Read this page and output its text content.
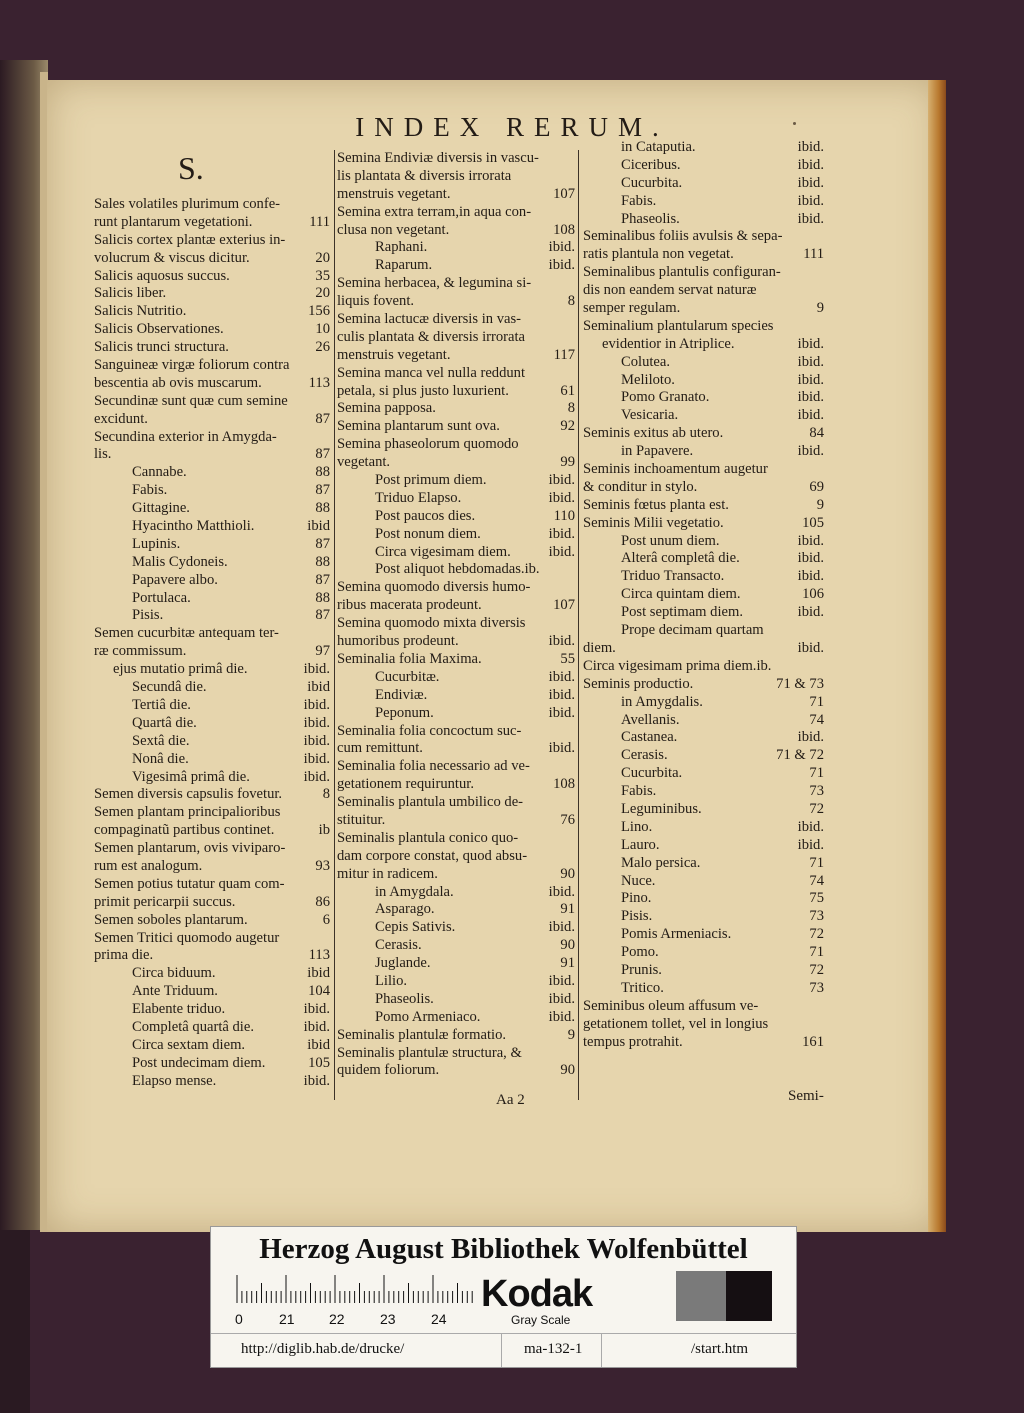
INDEX RERUM.
S.
Sales volatiles plurimum confe-
runt plantarum vegetationi.	111
Salicis cortex plantæ exterius in-
volucrum & viscus dicitur.	20
Salicis aquosus succus.	35
Salicis liber.	20
Salicis Nutritio.	156
Salicis Observationes.	10
Salicis trunci structura.	26
Sanguineæ virgæ foliorum contra
bescentia ab ovis muscarum.	113
Secundinæ sunt quæ cum semine
excidunt.	87
Secundina exterior in Amygda-
lis.	87
Cannabe.	88
Fabis.	87
Gittagine.	88
Hyacintho Matthioli.	ibid
Lupinis.	87
Malis Cydoneis.	88
Papavere albo.	87
Portulaca.	88
Pisis.	87
Semen cucurbitæ antequam ter-
ræ commissum.	97
ejus mutatio primâ die.	ibid.
Secundâ die.	ibid
Tertiâ die.	ibid.
Quartâ die.	ibid.
Sextâ die.	ibid.
Nonâ die.	ibid.
Vigesimâ primâ die.	ibid.
Semen diversis capsulis fovetur.	8
Semen plantam principalioribus
compaginatũ partibus continet.	ib
Semen plantarum, ovis viviparo-
rum est analogum.	93
Semen potius tutatur quam com-
primit pericarpii succus.	86
Semen soboles plantarum.	6
Semen Tritici quomodo augetur
prima die.	113
Circa biduum.	ibid
Ante Triduum.	104
Elabente triduo.	ibid.
Completâ quartâ die.	ibid.
Circa sextam diem.	ibid
Post undecimam diem.	105
Elapso mense.	ibid.
Semina Endiviæ diversis in vascu-
lis plantata & diversis irrorata
menstruis vegetant.	107
Semina extra terram,in aqua con-
clusa non vegetant.	108
Raphani.	ibid.
Raparum.	ibid.
Semina herbacea, & legumina si-
liquis fovent.	8
Semina lactucæ diversis in vas-
culis plantata & diversis irrorata
menstruis vegetant.	117
Semina manca vel nulla reddunt
petala, si plus justo luxurient.	61
Semina papposa.	8
Semina plantarum sunt ova.	92
Semina phaseolorum quomodo
vegetant.	99
Post primum diem.	ibid.
Triduo Elapso.	ibid.
Post paucos dies.	110
Post nonum diem.	ibid.
Circa vigesimam diem.	ibid.
Post aliquot hebdomadas.ib.
Semina quomodo diversis humo-
ribus macerata prodeunt.	107
Semina quomodo mixta diversis
humoribus prodeunt.	ibid.
Seminalia folia Maxima.	55
Cucurbitæ.	ibid.
Endiviæ.	ibid.
Peponum.	ibid.
Seminalia folia concoctum suc-
cum remittunt.	ibid.
Seminalia folia necessario ad ve-
getationem requiruntur.	108
Seminalis plantula umbilico de-
stituitur.	76
Seminalis plantula conico quo-
dam corpore constat, quod absu-
mitur in radicem.	90
in Amygdala.	ibid.
Asparago.	91
Cepis Sativis.	ibid.
Cerasis.	90
Juglande.	91
Lilio.	ibid.
Phaseolis.	ibid.
Pomo Armeniaco.	ibid.
Seminalis plantulæ formatio.	9
Seminalis plantulæ structura, &
quidem foliorum.	90
in Cataputia.	ibid.
Ciceribus.	ibid.
Cucurbita.	ibid.
Fabis.	ibid.
Phaseolis.	ibid.
Seminalibus foliis avulsis & sepa-
ratis plantula non vegetat.	111
Seminalibus plantulis configuran-
dis non eandem servat naturæ
semper regulam.	9
Seminalium plantularum species
evidentior in Atriplice.	ibid.
Colutea.	ibid.
Meliloto.	ibid.
Pomo Granato.	ibid.
Vesicaria.	ibid.
Seminis exitus ab utero.	84
in Papavere.	ibid.
Seminis inchoamentum augetur
& conditur in stylo.	69
Seminis fœtus planta est.	9
Seminis Milii vegetatio.	105
Post unum diem.	ibid.
Alterâ completâ die.	ibid.
Triduo Transacto.	ibid.
Circa quintam diem.	106
Post septimam diem.	ibid.
Prope decimam quartam
diem.	ibid.
Circa vigesimam prima diem.ib.
Seminis productio.	71 & 73
in Amygdalis.	71
Avellanis.	74
Castanea.	ibid.
Cerasis.	71 & 72
Cucurbita.	71
Fabis.	73
Leguminibus.	72
Lino.	ibid.
Lauro.	ibid.
Malo persica.	71
Nuce.	74
Pino.	75
Pisis.	73
Pomis Armeniacis.	72
Pomo.	71
Prunis.	72
Tritico.	73
Seminibus oleum affusum ve-
getationem tollet, vel in longius
tempus protrahit.	161
Aa 2	Semi-
Herzog August Bibliothek Wolfenbüttel
0	21 22	23	24
Kodak
Gray Scale
http://diglib.hab.de/drucke/	ma-132-1	/start.htm
